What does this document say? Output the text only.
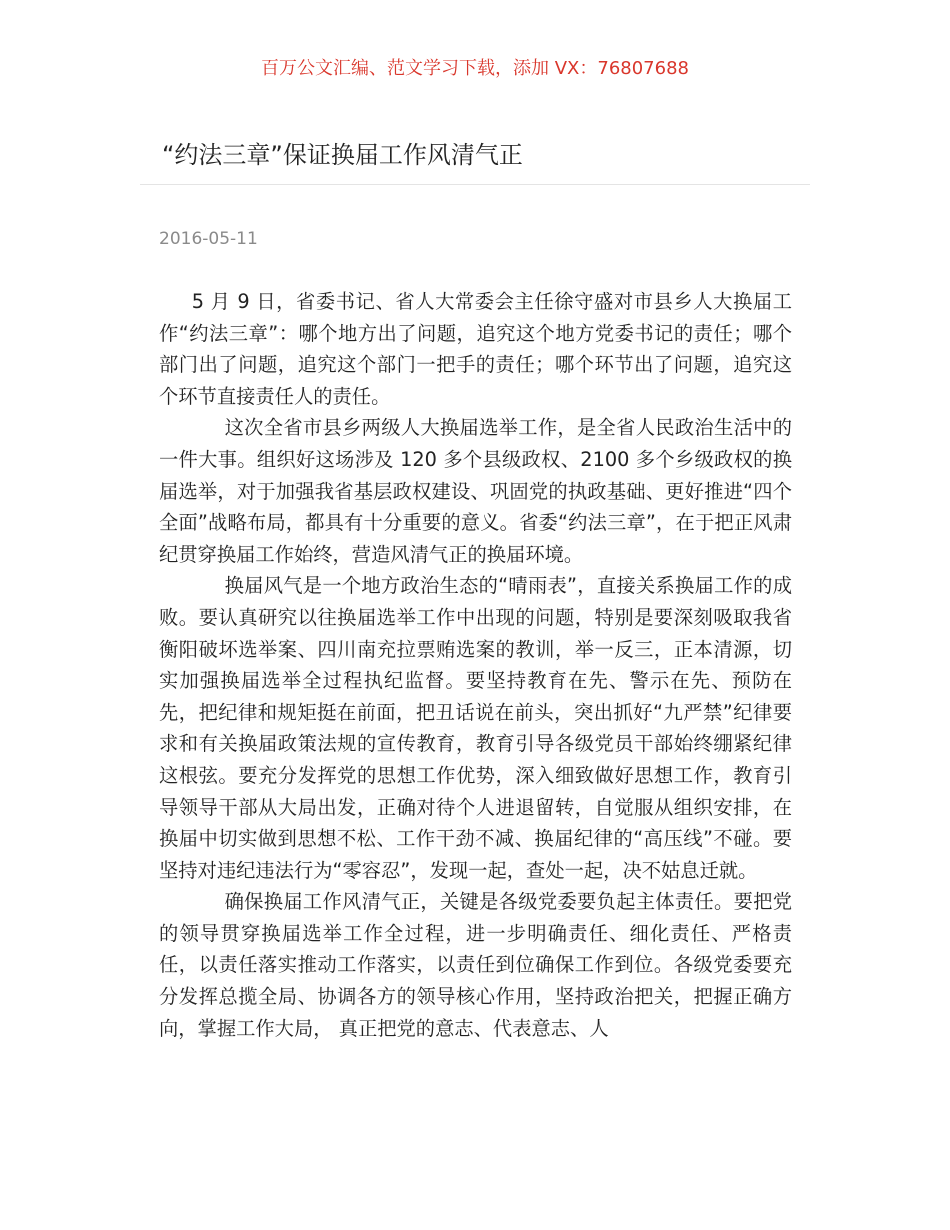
百万公文汇编、范文学习下载，添加 VX：76807688
“约法三章”保证换届工作风清气正
2016-05-11

5 月 9 日，省委书记、省人大常委会主任徐守盛对市县乡人大换届工作“约法三章”：哪个地方出了问题，追究这个地方党委书记的责任；哪个部门出了问题，追究这个部门一把手的责任；哪个环节出了问题，追究这个环节直接责任人的责任。

这次全省市县乡两级人大换届选举工作，是全省人民政治生活中的一件大事。组织好这场涉及 120 多个县级政权、2100 多个乡级政权的换届选举，对于加强我省基层政权建设、巩固党的执政基础、更好推进“四个全面”战略布局，都具有十分重要的意义。省委“约法三章”，在于把正风肃纪贯穿换届工作始终，营造风清气正的换届环境。

换届风气是一个地方政治生态的“晴雨表”，直接关系换届工作的成败。要认真研究以往换届选举工作中出现的问题，特别是要深刻吸取我省衡阳破坏选举案、四川南充拉票贿选案的教训，举一反三，正本清源，切实加强换届选举全过程执纪监督。要坚持教育在先、警示在先、预防在先，把纪律和规矩挺在前面，把丑话说在前头，突出抓好“九严禁”纪律要求和有关换届政策法规的宣传教育，教育引导各级党员干部始终绷紧纪律这根弦。要充分发挥党的思想工作优势，深入细致做好思想工作，教育引导领导干部从大局出发，正确对待个人进退留转，自觉服从组织安排，在换届中切实做到思想不松、工作干劲不减、换届纪律的“高压线”不碰。要坚持对违纪违法行为“零容忍”，发现一起，查处一起，决不姑息迁就。

确保换届工作风清气正，关键是各级党委要负起主体责任。要把党的领导贯穿换届选举工作全过程，进一步明确责任、细化责任、严格责任，以责任落实推动工作落实，以责任到位确保工作到位。各级党委要充分发挥总揽全局、协调各方的领导核心作用，坚持政治把关，把握正确方向，掌握工作大局， 真正把党的意志、代表意志、人
